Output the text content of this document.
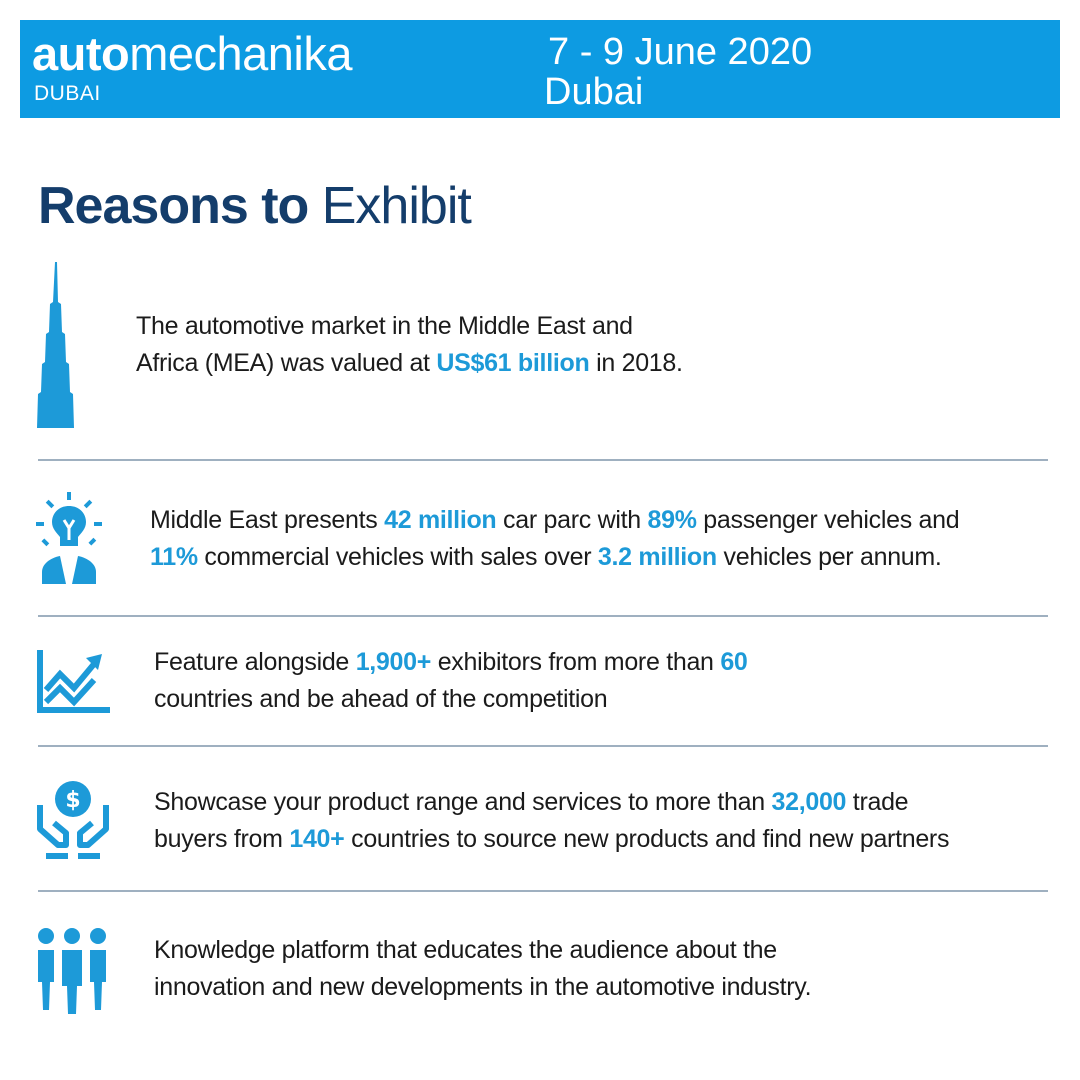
automechanika
DUBAI
7 - 9 June 2020
Dubai
Reasons to Exhibit
The automotive market in the Middle East and
Africa (MEA) was valued at US$61 billion in 2018.
Middle East presents 42 million car parc with 89% passenger vehicles and
11% commercial vehicles with sales over 3.2 million vehicles per annum.
Feature alongside 1,900+ exhibitors from more than 60
countries and be ahead of the competition
$	Showcase your product range and services to more than 32,000 trade
buyers from 140+ countries to source new products and find new partners
Knowledge platform that educates the audience about the
innovation and new developments in the automotive industry.
